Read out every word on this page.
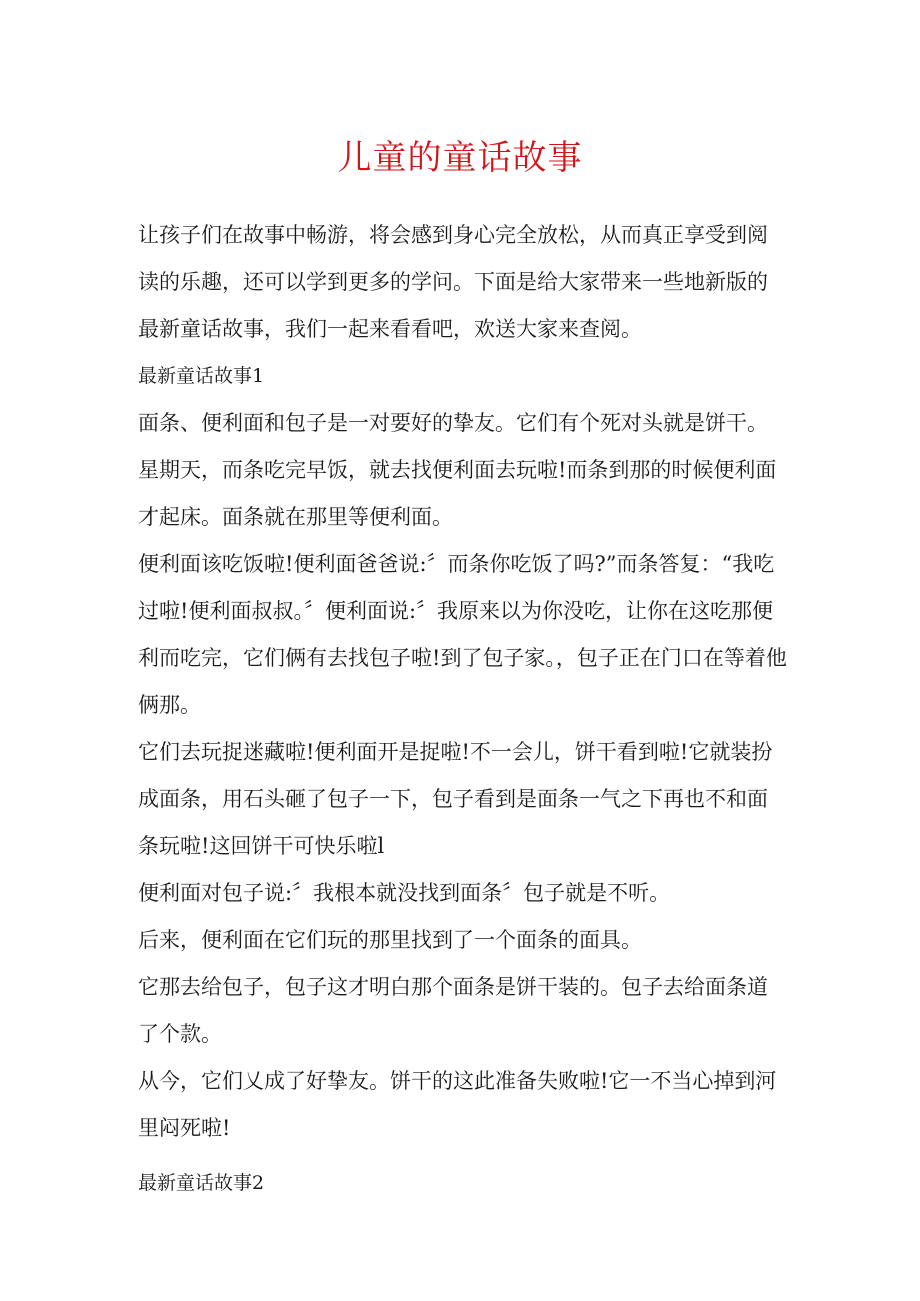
儿童的童话故事

让孩子们在故事中畅游，将会感到身心完全放松，从而真正享受到阅读的乐趣，还可以学到更多的学问。下面是给大家带来一些地新版的最新童话故事，我们一起来看看吧，欢送大家来查阅。

最新童话故事1

面条、便利面和包子是一对要好的挚友。它们有个死对头就是饼干。星期天，而条吃完早饭，就去找便利面去玩啦!而条到那的时候便利面才起床。面条就在那里等便利面。

便利面该吃饭啦!便利面爸爸说:〞而条你吃饭了吗?”而条答复：“我吃过啦!便利面叔叔。〞便利面说:〞我原来以为你没吃，让你在这吃那便利而吃完，它们俩有去找包子啦!到了包子家。，包子正在门口在等着他俩那。

它们去玩捉迷藏啦!便利面开是捉啦!不一会儿，饼干看到啦!它就装扮成面条，用石头砸了包子一下，包子看到是面条一气之下再也不和面条玩啦!这回饼干可快乐啦l

便利面对包子说:〞我根本就没找到面条〞包子就是不听。

后来，便利面在它们玩的那里找到了一个面条的面具。

它那去给包子，包子这才明白那个面条是饼干装的。包子去给面条道了个款。

从今，它们乂成了好挚友。饼干的这此准备失败啦!它一不当心掉到河里闷死啦!

最新童话故事2
